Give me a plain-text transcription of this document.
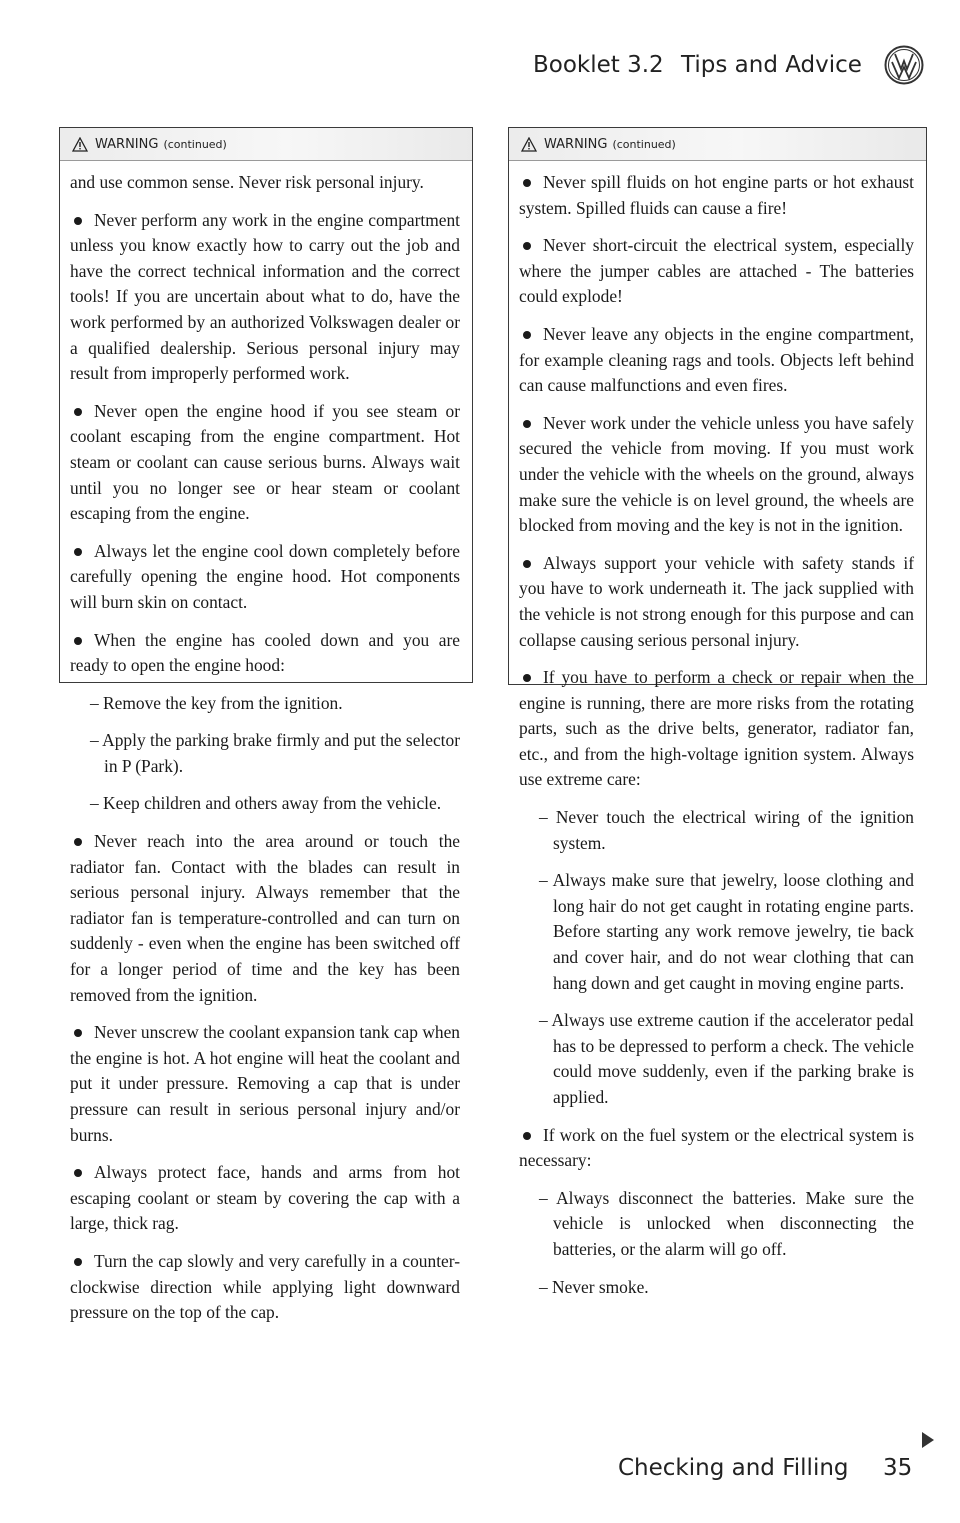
Booklet 3.2 Tips and Advice
WARNING (continued)

and use common sense. Never risk personal injury.

Never perform any work in the engine compartment unless you know exactly how to carry out the job and have the correct technical information and the correct tools! If you are uncertain about what to do, have the work performed by an authorized Volkswagen dealer or a qualified dealership. Serious personal injury may result from improperly performed work.

Never open the engine hood if you see steam or coolant escaping from the engine compartment. Hot steam or coolant can cause serious burns. Always wait until you no longer see or hear steam or coolant escaping from the engine.

Always let the engine cool down completely before carefully opening the engine hood. Hot components will burn skin on contact.

When the engine has cooled down and you are ready to open the engine hood:

– Remove the key from the ignition.

– Apply the parking brake firmly and put the selector in P (Park).

– Keep children and others away from the vehicle.

Never reach into the area around or touch the radiator fan. Contact with the blades can result in serious personal injury. Always remember that the radiator fan is temperature-controlled and can turn on suddenly - even when the engine has been switched off for a longer period of time and the key has been removed from the ignition.

Never unscrew the coolant expansion tank cap when the engine is hot. A hot engine will heat the coolant and put it under pressure. Removing a cap that is under pressure can result in serious personal injury and/or burns.

Always protect face, hands and arms from hot escaping coolant or steam by covering the cap with a large, thick rag.

Turn the cap slowly and very carefully in a counter-clockwise direction while applying light downward pressure on the top of the cap.

WARNING (continued)

Never spill fluids on hot engine parts or hot exhaust system. Spilled fluids can cause a fire!

Never short-circuit the electrical system, especially where the jumper cables are attached - The batteries could explode!

Never leave any objects in the engine compartment, for example cleaning rags and tools. Objects left behind can cause malfunctions and even fires.

Never work under the vehicle unless you have safely secured the vehicle from moving. If you must work under the vehicle with the wheels on the ground, always make sure the vehicle is on level ground, the wheels are blocked from moving and the key is not in the ignition.

Always support your vehicle with safety stands if you have to work underneath it. The jack supplied with the vehicle is not strong enough for this purpose and can collapse causing serious personal injury.

If you have to perform a check or repair when the engine is running, there are more risks from the rotating parts, such as the drive belts, generator, radiator fan, etc., and from the high-voltage ignition system. Always use extreme care:

– Never touch the electrical wiring of the ignition system.

– Always make sure that jewelry, loose clothing and long hair do not get caught in rotating engine parts. Before starting any work remove jewelry, tie back and cover hair, and do not wear clothing that can hang down and get caught in moving engine parts.

– Always use extreme caution if the accelerator pedal has to be depressed to perform a check. The vehicle could move suddenly, even if the parking brake is applied.

If work on the fuel system or the electrical system is necessary:

– Always disconnect the batteries. Make sure the vehicle is unlocked when disconnecting the batteries, or the alarm will go off.

– Never smoke.

Checking and Filling 35
